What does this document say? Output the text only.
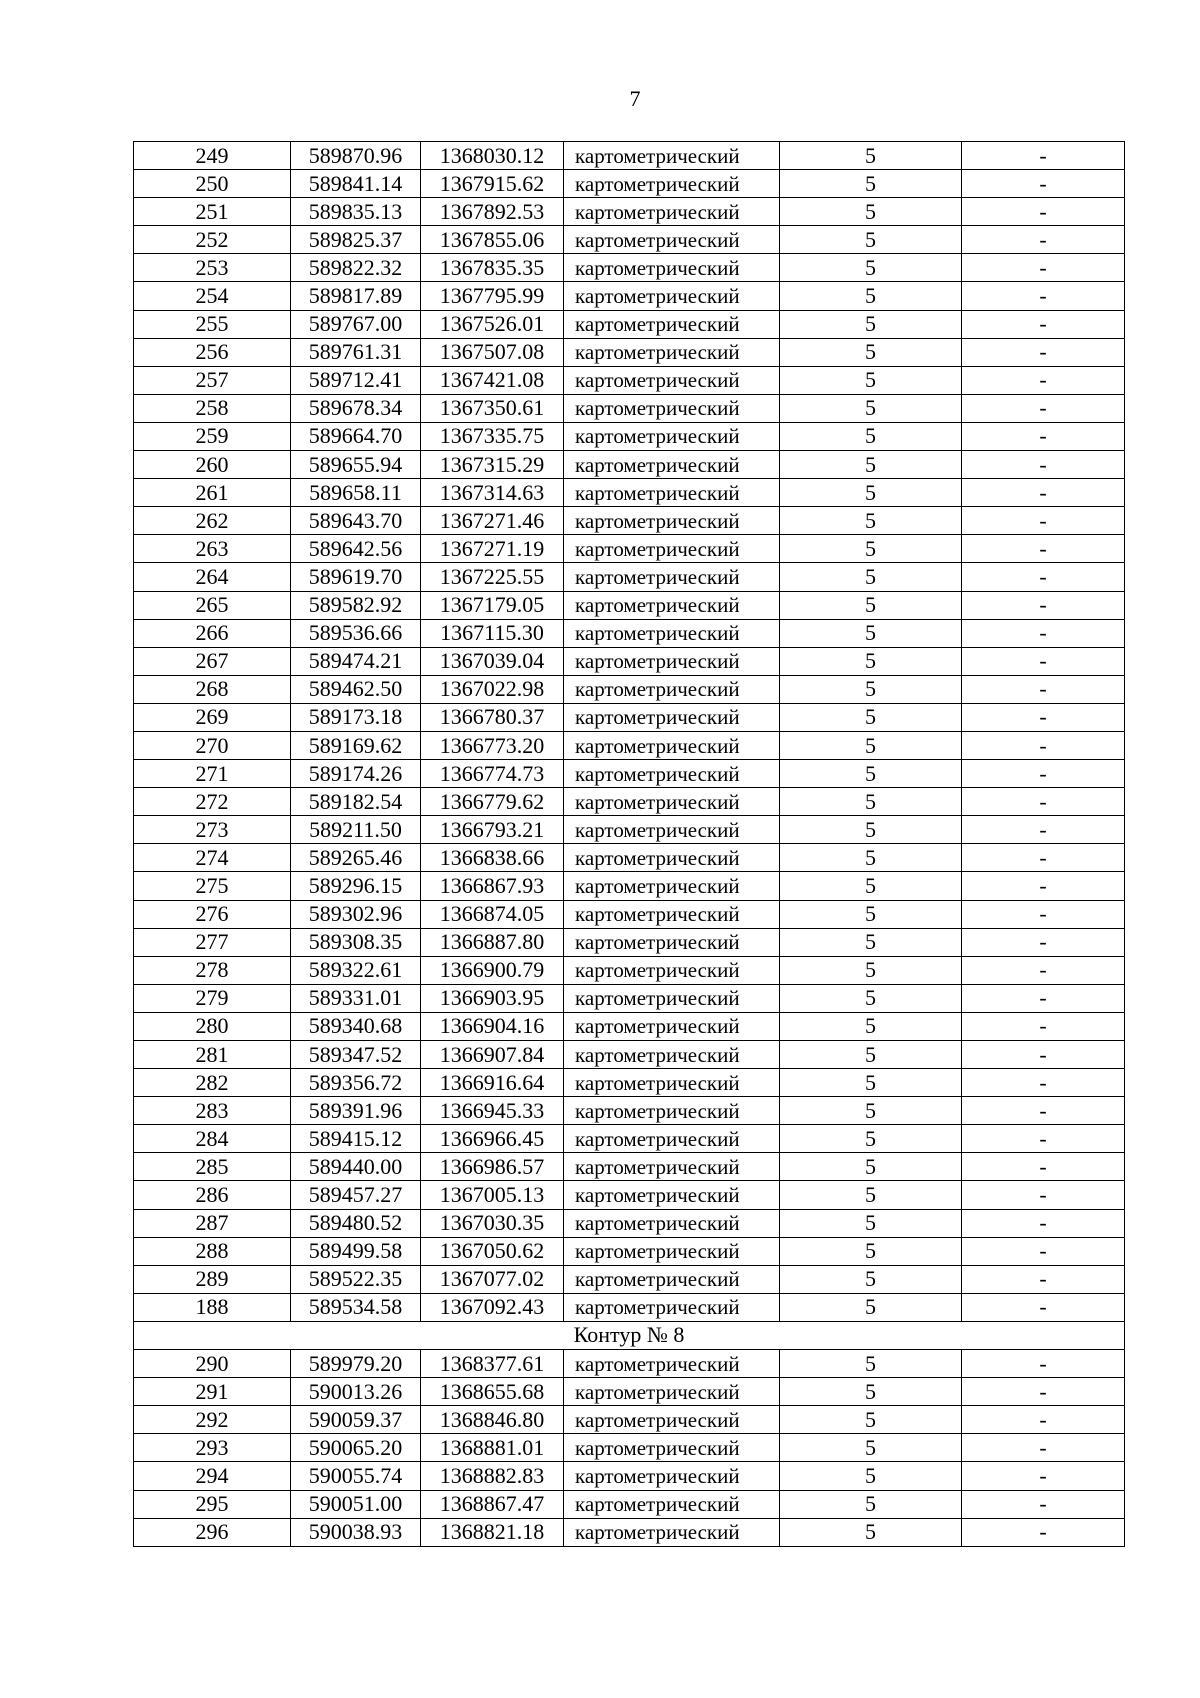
7
249	589870.96	1368030.12	картометрический	5	-
250	589841.14	1367915.62	картометрический	5	-
251	589835.13	1367892.53	картометрический	5	-
252	589825.37	1367855.06	картометрический	5	-
253	589822.32	1367835.35	картометрический	5	-
254	589817.89	1367795.99	картометрический	5	-
255	589767.00	1367526.01	картометрический	5	-
256	589761.31	1367507.08	картометрический	5	-
257	589712.41	1367421.08	картометрический	5	-
258	589678.34	1367350.61	картометрический	5	-
259	589664.70	1367335.75	картометрический	5	-
260	589655.94	1367315.29	картометрический	5	-
261	589658.11	1367314.63	картометрический	5	-
262	589643.70	1367271.46	картометрический	5	-
263	589642.56	1367271.19	картометрический	5	-
264	589619.70	1367225.55	картометрический	5	-
265	589582.92	1367179.05	картометрический	5	-
266	589536.66	1367115.30	картометрический	5	-
267	589474.21	1367039.04	картометрический	5	-
268	589462.50	1367022.98	картометрический	5	-
269	589173.18	1366780.37	картометрический	5	-
270	589169.62	1366773.20	картометрический	5	-
271	589174.26	1366774.73	картометрический	5	-
272	589182.54	1366779.62	картометрический	5	-
273	589211.50	1366793.21	картометрический	5	-
274	589265.46	1366838.66	картометрический	5	-
275	589296.15	1366867.93	картометрический	5	-
276	589302.96	1366874.05	картометрический	5	-
277	589308.35	1366887.80	картометрический	5	-
278	589322.61	1366900.79	картометрический	5	-
279	589331.01	1366903.95	картометрический	5	-
280	589340.68	1366904.16	картометрический	5	-
281	589347.52	1366907.84	картометрический	5	-
282	589356.72	1366916.64	картометрический	5	-
283	589391.96	1366945.33	картометрический	5	-
284	589415.12	1366966.45	картометрический	5	-
285	589440.00	1366986.57	картометрический	5	-
286	589457.27	1367005.13	картометрический	5	-
287	589480.52	1367030.35	картометрический	5	-
288	589499.58	1367050.62	картометрический	5	-
289	589522.35	1367077.02	картометрический	5	-
188	589534.58	1367092.43	картометрический	5	-
Контур № 8					
290	589979.20	1368377.61	картометрический	5	-
291	590013.26	1368655.68	картометрический	5	-
292	590059.37	1368846.80	картометрический	5	-
293	590065.20	1368881.01	картометрический	5	-
294	590055.74	1368882.83	картометрический	5	-
295	590051.00	1368867.47	картометрический	5	-
296	590038.93	1368821.18	картометрический	5	-
